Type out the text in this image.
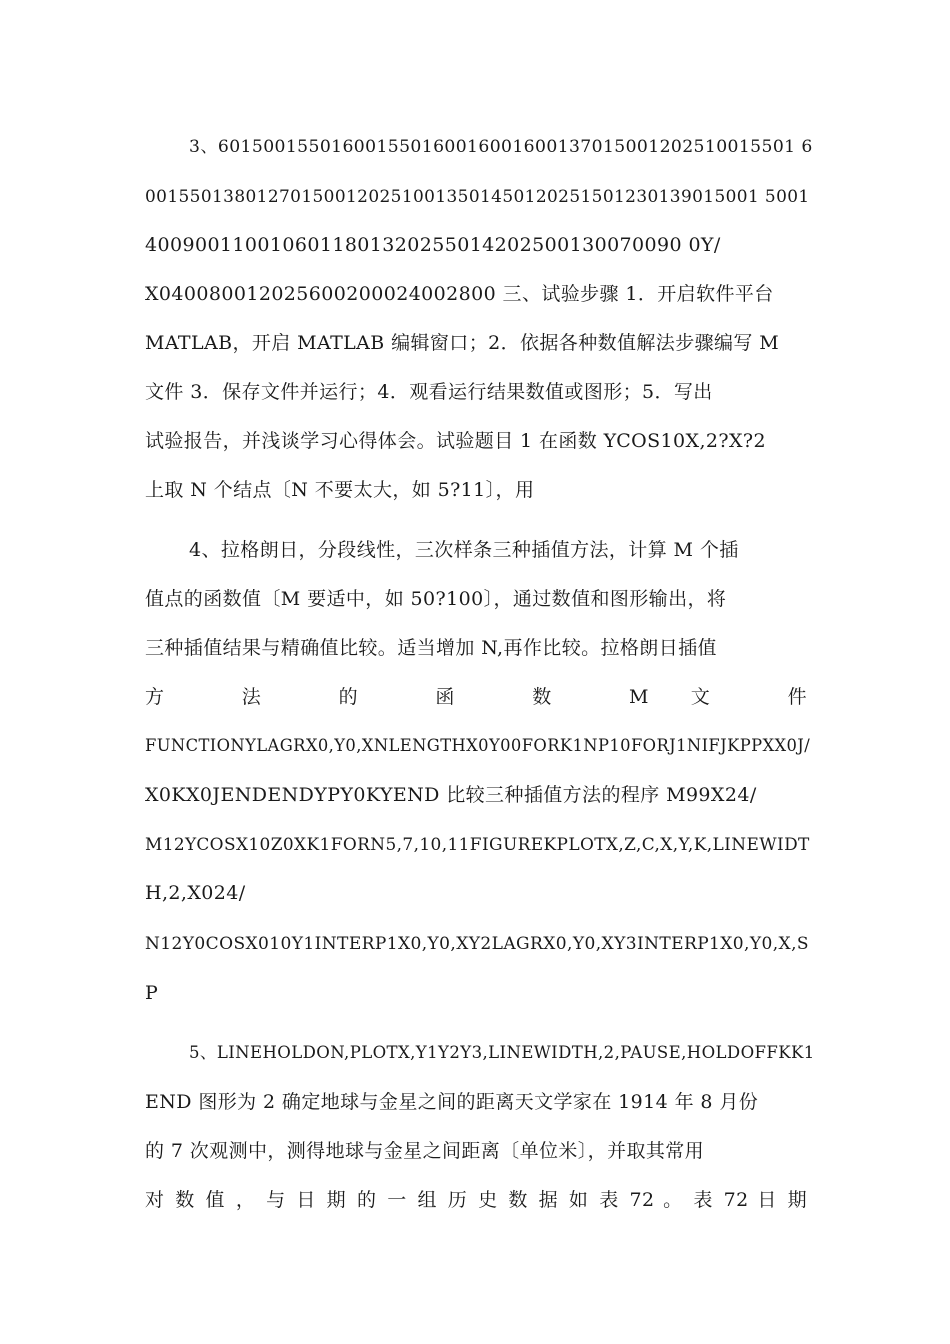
3、601500155016001550160016001600137015001202510015501 6
0015501380127015001202510013501450120251501230139015001 5001
4009001100106011801320255014202500130070090 0Y/
X040080012025600200024002800 三、试验步骤 1．开启软件平台
MATLAB，开启 MATLAB 编辑窗口；2．依据各种数值解法步骤编写 M
文件 3．保存文件并运行；4．观看运行结果数值或图形；5．写出
试验报告，并浅谈学习心得体会。试验题目 1 在函数 YCOS10X,2?X?2
上取 N 个结点〔N 不要太大，如 5?11〕，用
4、拉格朗日，分段线性，三次样条三种插值方法，计算 M 个插
值点的函数值〔M 要适中，如 50?100〕，通过数值和图形输出，将
三种插值结果与精确值比较。适当增加 N,再作比较。拉格朗日插值
方 法 的 函 数 M 文 件
FUNCTIONYLAGRX0,Y0,XNLENGTHX0Y00FORK1NP10FORJ1NIFJKPPXX0J/
X0KX0JENDENDYPY0KYEND 比较三种插值方法的程序 M99X24/
M12YCOSX10Z0XK1FORN5,7,10,11FIGUREKPLOTX,Z,C,X,Y,K,LINEWIDT
H,2,X024/
N12Y0COSX010Y1INTERP1X0,Y0,XY2LAGRX0,Y0,XY3INTERP1X0,Y0,X,S
P
5、LINEHOLDON,PLOTX,Y1Y2Y3,LINEWIDTH,2,PAUSE,HOLDOFFKK1
END 图形为 2 确定地球与金星之间的距离天文学家在 1914 年 8 月份
的 7 次观测中，测得地球与金星之间距离〔单位米〕，并取其常用
对 数 值 ， 与 日 期 的 一 组 历 史 数 据 如 表 72 。 表 72 日 期
